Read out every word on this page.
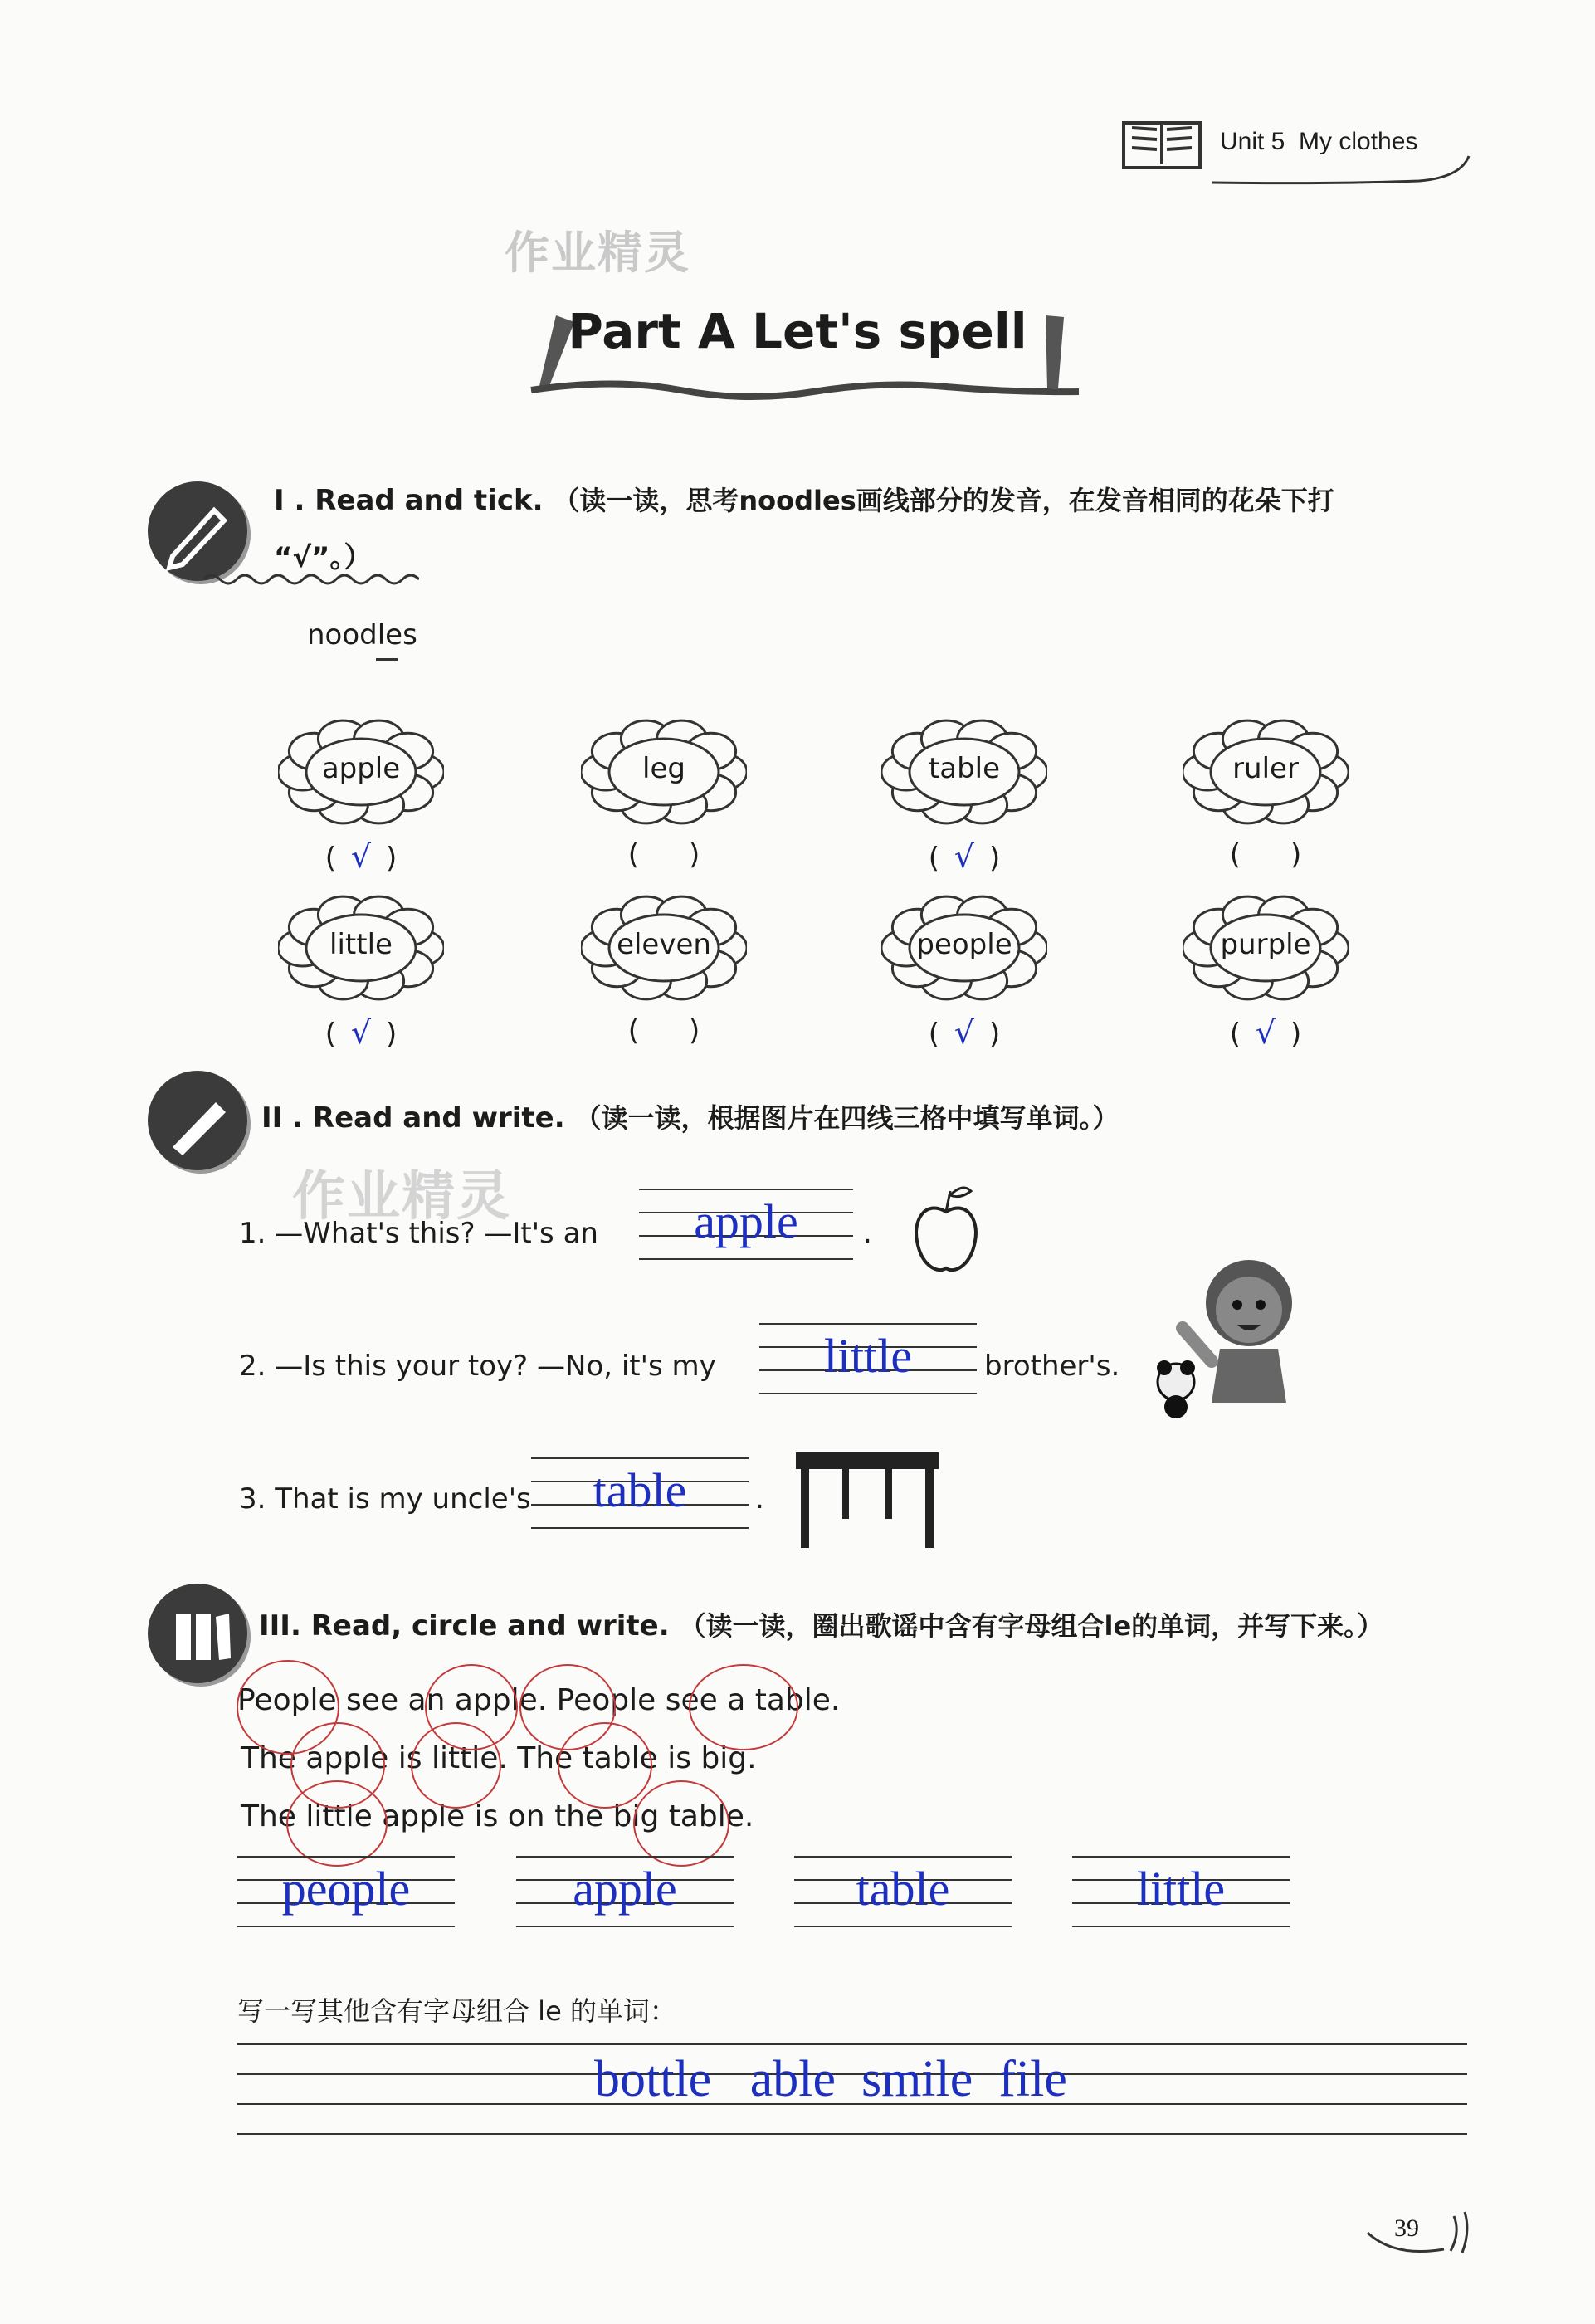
Unit 5 My clothes
作业精灵
Part A Let's spell
I . Read and tick. （读一读，思考noodles画线部分的发音，在发音相同的花朵下打
“√”。）
noodles
apple
( √ )
leg
( )
table
( √ )
ruler
( )
little
( √ )
eleven
( )
people
( √ )
purple
( √ )
II . Read and write. （读一读，根据图片在四线三格中填写单词。）
作业精灵
1. —What's this? —It's an	apple	.
2. —Is this your toy? —No, it's my	little	brother's.
3. That is my uncle's	table	.
III. Read, circle and write. （读一读，圈出歌谣中含有字母组合le的单词，并写下来。）
People see an apple. People see a table.
The apple is little. The table is big.
The little apple is on the big table.
people	apple	table	little
写一写其他含有字母组合 le 的单词：
bottle   able  smile  file
39
